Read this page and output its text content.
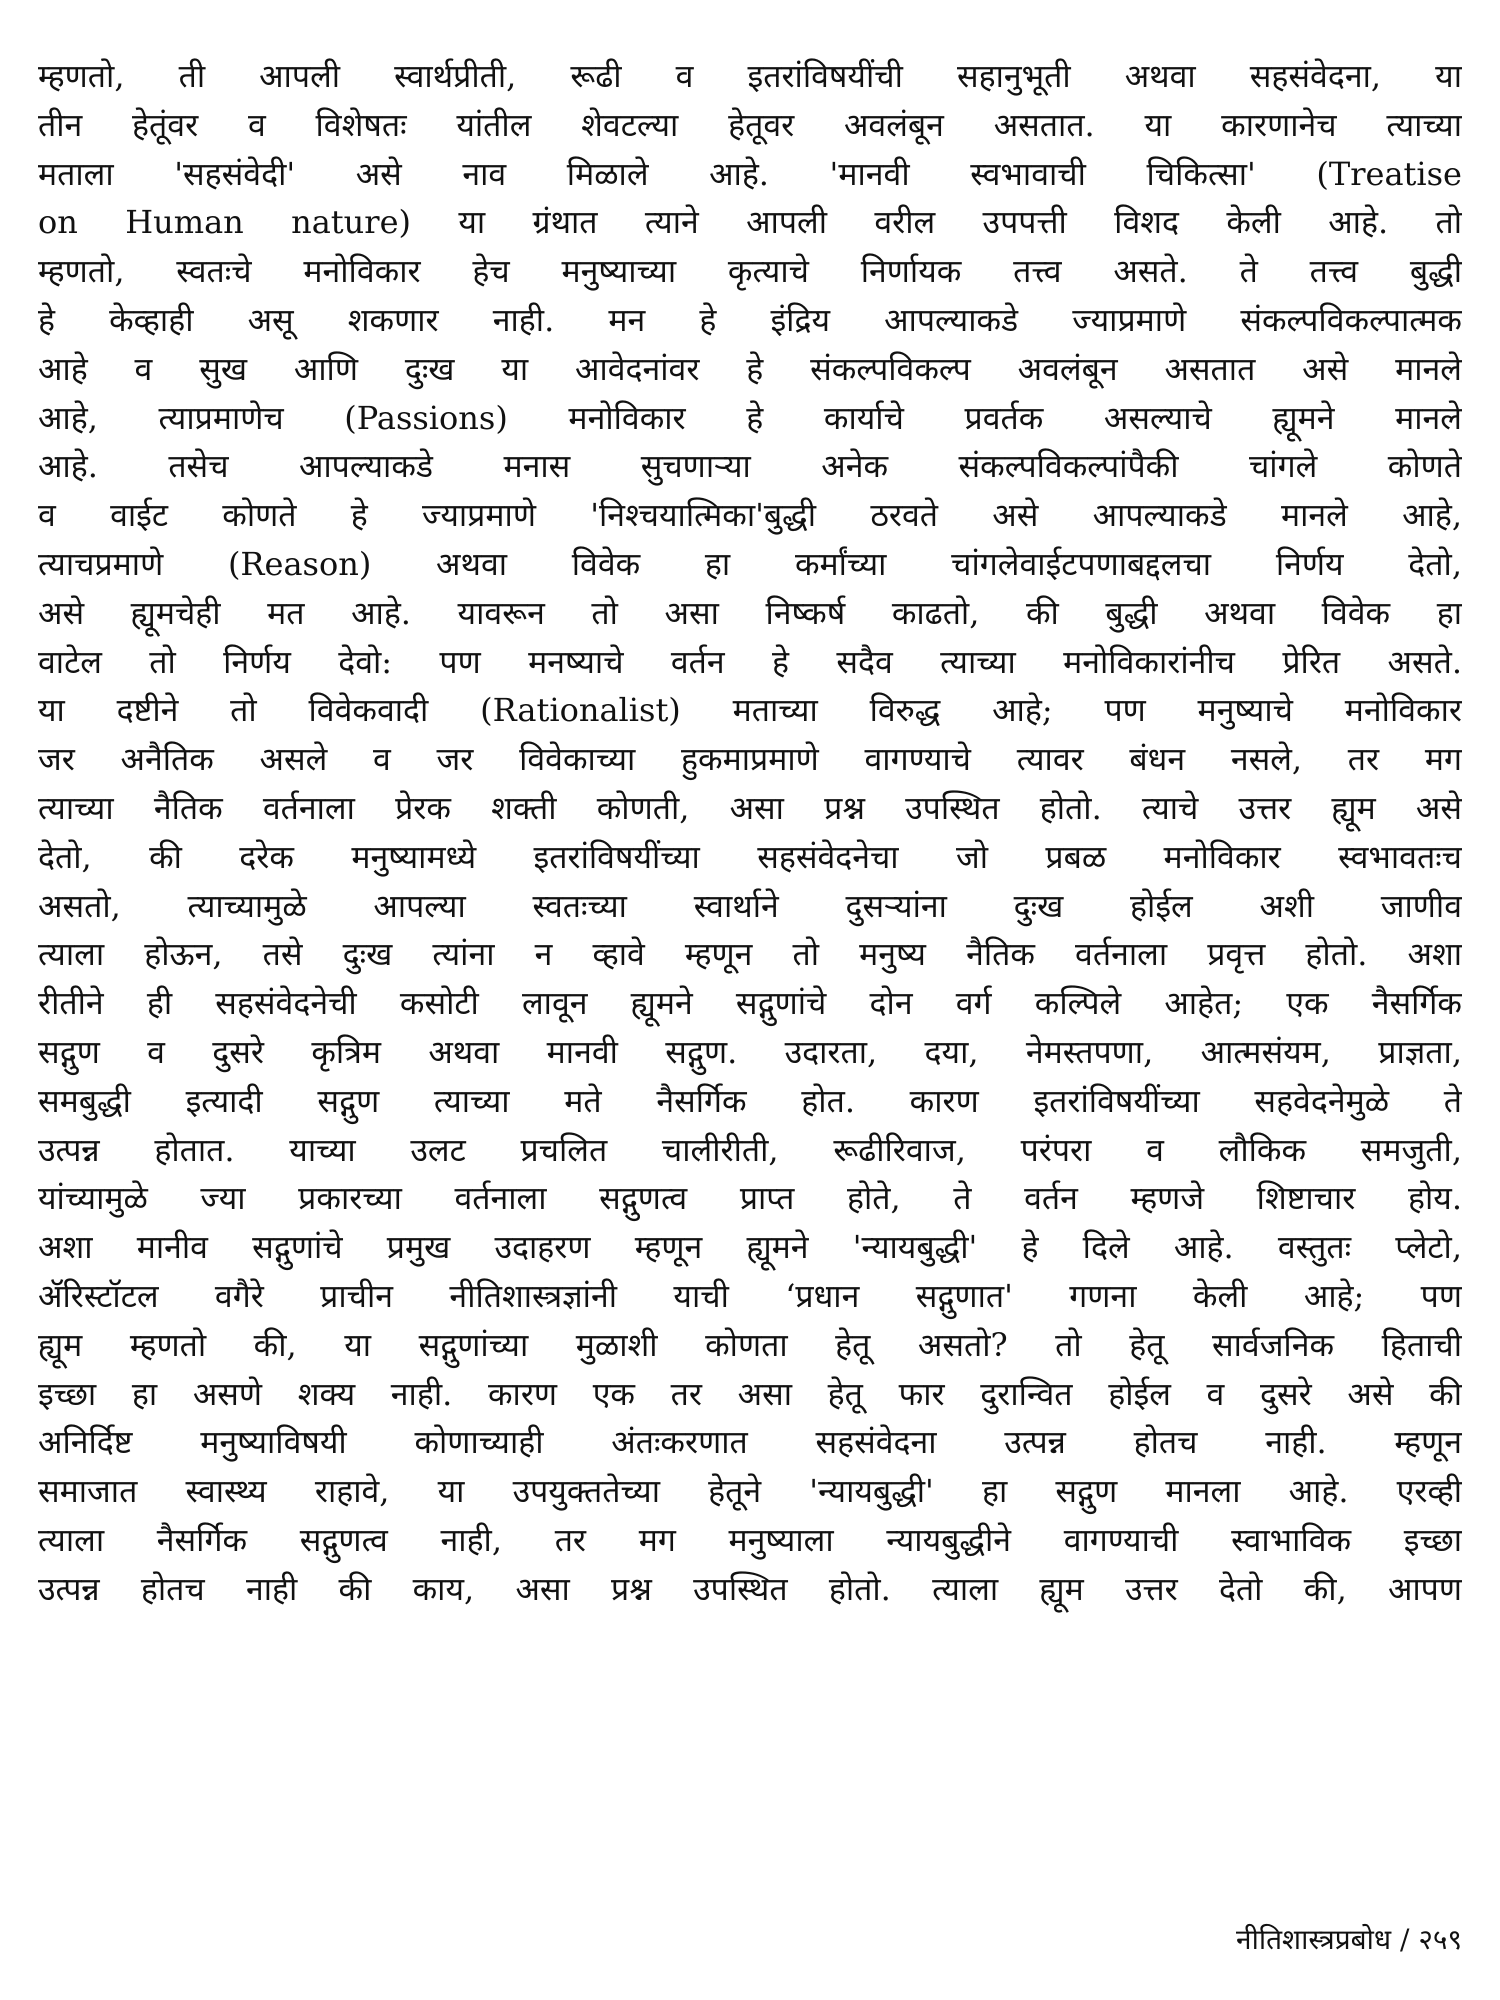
म्हणतो, ती आपली स्वार्थप्रीती, रूढी व इतरांविषयींची सहानुभूती अथवा सहसंवेदना, या
तीन हेतूंवर व विशेषतः यांतील शेवटल्या हेतूवर अवलंबून असतात. या कारणानेच त्याच्या
मताला 'सहसंवेदी' असे नाव मिळाले आहे. 'मानवी स्वभावाची चिकित्सा' (Treatise
on Human nature) या ग्रंथात त्याने आपली वरील उपपत्ती विशद केली आहे. तो
म्हणतो, स्वतःचे मनोविकार हेच मनुष्याच्या कृत्याचे निर्णायक तत्त्व असते. ते तत्त्व बुद्धी
हे केव्हाही असू शकणार नाही. मन हे इंद्रिय आपल्याकडे ज्याप्रमाणे संकल्पविकल्पात्मक
आहे व सुख आणि दुःख या आवेदनांवर हे संकल्पविकल्प अवलंबून असतात असे मानले
आहे, त्याप्रमाणेच (Passions) मनोविकार हे कार्याचे प्रवर्तक असल्याचे ह्यूमने मानले
आहे. तसेच आपल्याकडे मनास सुचणाऱ्या अनेक संकल्पविकल्पांपैकी चांगले कोणते
व वाईट कोणते हे ज्याप्रमाणे 'निश्चयात्मिका'बुद्धी ठरवते असे आपल्याकडे मानले आहे,
त्याचप्रमाणे (Reason) अथवा विवेक हा कर्मांच्या चांगलेवाईटपणाबद्दलचा निर्णय देतो,
असे ह्यूमचेही मत आहे. यावरून तो असा निष्कर्ष काढतो, की बुद्धी अथवा विवेक हा
वाटेल तो निर्णय देवो: पण मनष्याचे वर्तन हे सदैव त्याच्या मनोविकारांनीच प्रेरित असते.
या दष्टीने तो विवेकवादी (Rationalist) मताच्या विरुद्ध आहे; पण मनुष्याचे मनोविकार
जर अनैतिक असले व जर विवेकाच्या हुकमाप्रमाणे वागण्याचे त्यावर बंधन नसले, तर मग
त्याच्या नैतिक वर्तनाला प्रेरक शक्ती कोणती, असा प्रश्न उपस्थित होतो. त्याचे उत्तर ह्यूम असे
देतो, की दरेक मनुष्यामध्ये इतरांविषयींच्या सहसंवेदनेचा जो प्रबळ मनोविकार स्वभावतःच
असतो, त्याच्यामुळे आपल्या स्वतःच्या स्वार्थाने दुसऱ्यांना दुःख होईल अशी जाणीव
त्याला होऊन, तसे दुःख त्यांना न व्हावे म्हणून तो मनुष्य नैतिक वर्तनाला प्रवृत्त होतो. अशा
रीतीने ही सहसंवेदनेची कसोटी लावून ह्यूमने सद्गुणांचे दोन वर्ग कल्पिले आहेत; एक नैसर्गिक
सद्गुण व दुसरे कृत्रिम अथवा मानवी सद्गुण. उदारता, दया, नेमस्तपणा, आत्मसंयम, प्राज्ञता,
समबुद्धी इत्यादी सद्गुण त्याच्या मते नैसर्गिक होत. कारण इतरांविषयींच्या सहवेदनेमुळे ते
उत्पन्न होतात. याच्या उलट प्रचलित चालीरीती, रूढीरिवाज, परंपरा व लौकिक समजुती,
यांच्यामुळे ज्या प्रकारच्या वर्तनाला सद्गुणत्व प्राप्त होते, ते वर्तन म्हणजे शिष्टाचार होय.
अशा मानीव सद्गुणांचे प्रमुख उदाहरण म्हणून ह्यूमने 'न्यायबुद्धी' हे दिले आहे. वस्तुतः प्लेटो,
ॲरिस्टॉटल वगैरे प्राचीन नीतिशास्त्रज्ञांनी याची ‘प्रधान सद्गुणात' गणना केली आहे; पण
ह्यूम म्हणतो की, या सद्गुणांच्या मुळाशी कोणता हेतू असतो? तो हेतू सार्वजनिक हिताची
इच्छा हा असणे शक्य नाही. कारण एक तर असा हेतू फार दुरान्वित होईल व दुसरे असे की
अनिर्दिष्ट मनुष्याविषयी कोणाच्याही अंतःकरणात सहसंवेदना उत्पन्न होतच नाही. म्हणून
समाजात स्वास्थ्य राहावे, या उपयुक्ततेच्या हेतूने 'न्यायबुद्धी' हा सद्गुण मानला आहे. एरव्ही
त्याला नैसर्गिक सद्गुणत्व नाही, तर मग मनुष्याला न्यायबुद्धीने वागण्याची स्वाभाविक इच्छा
उत्पन्न होतच नाही की काय, असा प्रश्न उपस्थित होतो. त्याला ह्यूम उत्तर देतो की, आपण
नीतिशास्त्रप्रबोध / २५९
